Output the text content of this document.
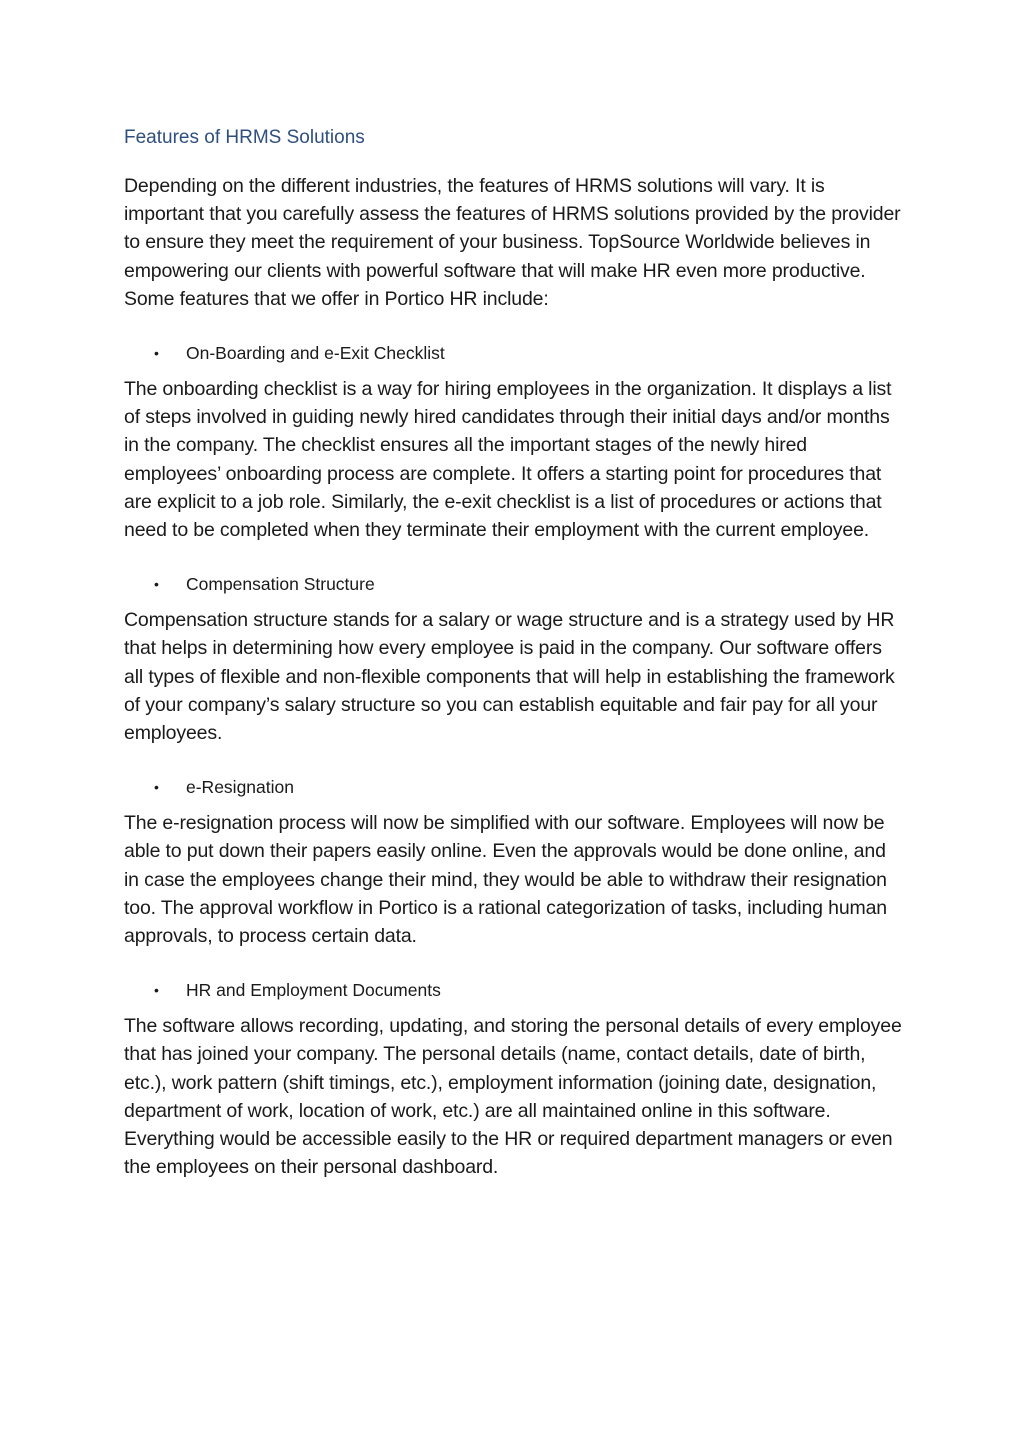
Features of HRMS Solutions

Depending on the different industries, the features of HRMS solutions will vary. It is important that you carefully assess the features of HRMS solutions provided by the provider to ensure they meet the requirement of your business. TopSource Worldwide believes in empowering our clients with powerful software that will make HR even more productive. Some features that we offer in Portico HR include:

•	On-Boarding and e-Exit Checklist

The onboarding checklist is a way for hiring employees in the organization. It displays a list of steps involved in guiding newly hired candidates through their initial days and/or months in the company. The checklist ensures all the important stages of the newly hired employees’ onboarding process are complete. It offers a starting point for procedures that are explicit to a job role. Similarly, the e-exit checklist is a list of procedures or actions that need to be completed when they terminate their employment with the current employee.

•	Compensation Structure

Compensation structure stands for a salary or wage structure and is a strategy used by HR that helps in determining how every employee is paid in the company. Our software offers all types of flexible and non-flexible components that will help in establishing the framework of your company’s salary structure so you can establish equitable and fair pay for all your employees.

•	e-Resignation

The e-resignation process will now be simplified with our software. Employees will now be able to put down their papers easily online. Even the approvals would be done online, and in case the employees change their mind, they would be able to withdraw their resignation too. The approval workflow in Portico is a rational categorization of tasks, including human approvals, to process certain data.

•	HR and Employment Documents

The software allows recording, updating, and storing the personal details of every employee that has joined your company. The personal details (name, contact details, date of birth, etc.), work pattern (shift timings, etc.), employment information (joining date, designation, department of work, location of work, etc.) are all maintained online in this software. Everything would be accessible easily to the HR or required department managers or even the employees on their personal dashboard.
